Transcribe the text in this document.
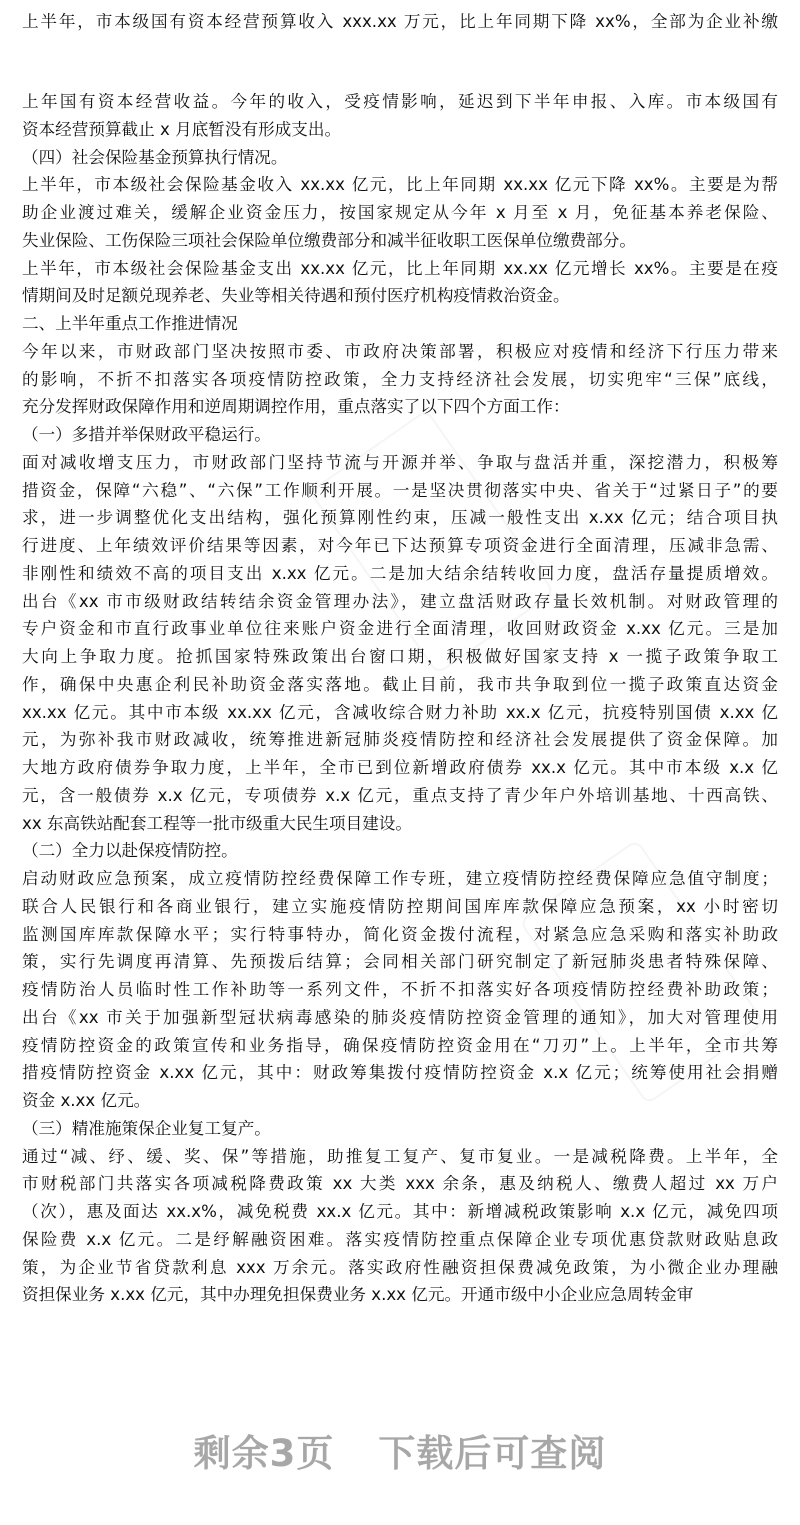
上半年，市本级国有资本经营预算收入 xxx.xx 万元，比上年同期下降 xx%，全部为企业补缴
上年国有资本经营收益。今年的收入，受疫情影响，延迟到下半年申报、入库。市本级国有
资本经营预算截止 x 月底暂没有形成支出。
（四）社会保险基金预算执行情况。
上半年，市本级社会保险基金收入 xx.xx 亿元，比上年同期 xx.xx 亿元下降 xx%。主要是为帮
助企业渡过难关，缓解企业资金压力，按国家规定从今年 x 月至 x 月，免征基本养老保险、
失业保险、工伤保险三项社会保险单位缴费部分和减半征收职工医保单位缴费部分。
上半年，市本级社会保险基金支出 xx.xx 亿元，比上年同期 xx.xx 亿元增长 xx%。主要是在疫
情期间及时足额兑现养老、失业等相关待遇和预付医疗机构疫情救治资金。
二、上半年重点工作推进情况
今年以来，市财政部门坚决按照市委、市政府决策部署，积极应对疫情和经济下行压力带来
的影响，不折不扣落实各项疫情防控政策，全力支持经济社会发展，切实兜牢“三保”底线，
充分发挥财政保障作用和逆周期调控作用，重点落实了以下四个方面工作：
（一）多措并举保财政平稳运行。
面对减收增支压力，市财政部门坚持节流与开源并举、争取与盘活并重，深挖潜力，积极筹
措资金，保障“六稳”、“六保”工作顺利开展。一是坚决贯彻落实中央、省关于“过紧日子”的要
求，进一步调整优化支出结构，强化预算刚性约束，压减一般性支出 x.xx 亿元；结合项目执
行进度、上年绩效评价结果等因素，对今年已下达预算专项资金进行全面清理，压减非急需、
非刚性和绩效不高的项目支出 x.xx 亿元。二是加大结余结转收回力度，盘活存量提质增效。
出台《xx 市市级财政结转结余资金管理办法》，建立盘活财政存量长效机制。对财政管理的
专户资金和市直行政事业单位往来账户资金进行全面清理，收回财政资金 x.xx 亿元。三是加
大向上争取力度。抢抓国家特殊政策出台窗口期，积极做好国家支持 x 一揽子政策争取工
作，确保中央惠企利民补助资金落实落地。截止目前，我市共争取到位一揽子政策直达资金
xx.xx 亿元。其中市本级 xx.xx 亿元，含减收综合财力补助 xx.x 亿元，抗疫特别国债 x.xx 亿
元，为弥补我市财政减收，统筹推进新冠肺炎疫情防控和经济社会发展提供了资金保障。加
大地方政府债券争取力度，上半年，全市已到位新增政府债券 xx.x 亿元。其中市本级 x.x 亿
元，含一般债券 x.x 亿元，专项债券 x.x 亿元，重点支持了青少年户外培训基地、十西高铁、
xx 东高铁站配套工程等一批市级重大民生项目建设。
（二）全力以赴保疫情防控。
启动财政应急预案，成立疫情防控经费保障工作专班，建立疫情防控经费保障应急值守制度；
联合人民银行和各商业银行，建立实施疫情防控期间国库库款保障应急预案，xx 小时密切
监测国库库款保障水平；实行特事特办，简化资金拨付流程，对紧急应急采购和落实补助政
策，实行先调度再清算、先预拨后结算；会同相关部门研究制定了新冠肺炎患者特殊保障、
疫情防治人员临时性工作补助等一系列文件，不折不扣落实好各项疫情防控经费补助政策；
出台《xx 市关于加强新型冠状病毒感染的肺炎疫情防控资金管理的通知》，加大对管理使用
疫情防控资金的政策宣传和业务指导，确保疫情防控资金用在“刀刃”上。上半年，全市共筹
措疫情防控资金 x.xx 亿元，其中：财政筹集拨付疫情防控资金 x.x 亿元；统筹使用社会捐赠
资金 x.xx 亿元。
（三）精准施策保企业复工复产。
通过“减、纾、缓、奖、保”等措施，助推复工复产、复市复业。一是减税降费。上半年，全
市财税部门共落实各项减税降费政策 xx 大类 xxx 余条，惠及纳税人、缴费人超过 xx 万户
（次），惠及面达 xx.x%，减免税费 xx.x 亿元。其中：新增减税政策影响 x.x 亿元，减免四项
保险费 x.x 亿元。二是纾解融资困难。落实疫情防控重点保障企业专项优惠贷款财政贴息政
策，为企业节省贷款利息 xxx 万余元。落实政府性融资担保费减免政策，为小微企业办理融
资担保业务 x.xx 亿元，其中办理免担保费业务 x.xx 亿元。开通市级中小企业应急周转金审
剩余3页 下载后可查阅
